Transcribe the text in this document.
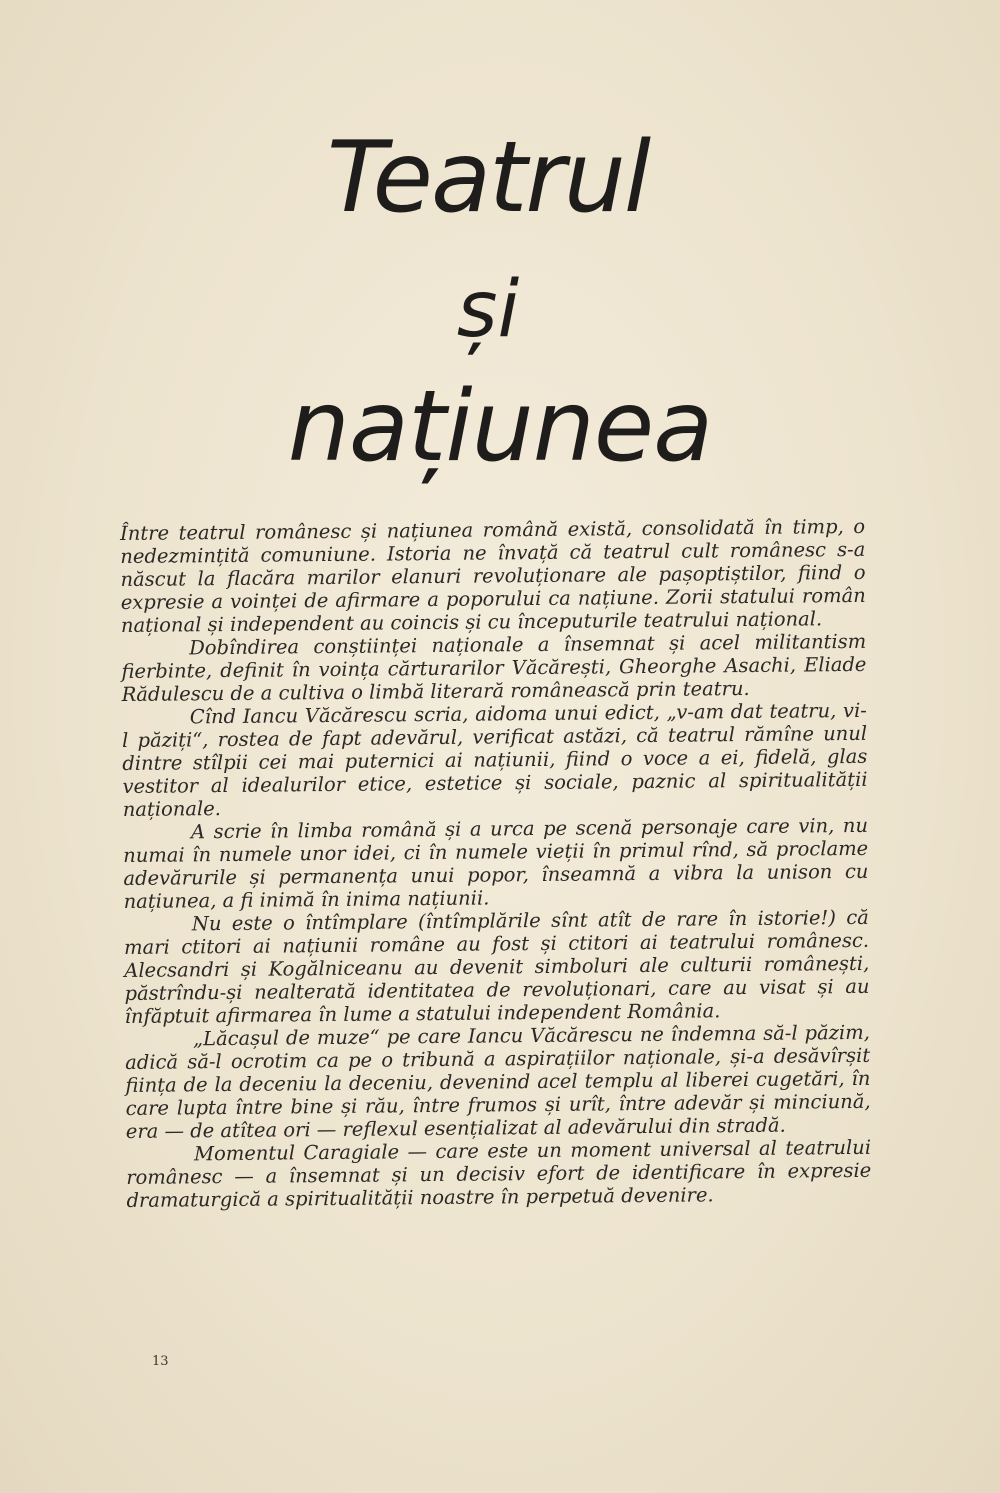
Teatrul
și
națiunea

Între teatrul românesc și națiunea română există, consolidată în timp, o nedezmințită comuniune. Istoria ne învață că teatrul cult românesc s-a născut la flacăra marilor elanuri revoluționare ale pașoptiștilor, fiind o expresie a voinței de afirmare a poporului ca națiune. Zorii statului român național și independent au coincis și cu începuturile teatrului național.

Dobîndirea conștiinței naționale a însemnat și acel militantism fierbinte, definit în voința cărturarilor Văcărești, Gheorghe Asachi, Eliade Rădulescu de a cultiva o limbă literară românească prin teatru.

Cînd Iancu Văcărescu scria, aidoma unui edict, „v-am dat teatru, vi-l păziți“, rostea de fapt adevărul, verificat astăzi, că teatrul rămîne unul dintre stîlpii cei mai puternici ai națiunii, fiind o voce a ei, fidelă, glas vestitor al idealurilor etice, estetice și sociale, paznic al spiritualității naționale.

A scrie în limba română și a urca pe scenă personaje care vin, nu numai în numele unor idei, ci în numele vieții în primul rînd, să proclame adevărurile și permanența unui popor, înseamnă a vibra la unison cu națiunea, a fi inimă în inima națiunii.

Nu este o întîmplare (întîmplările sînt atît de rare în istorie!) că mari ctitori ai națiunii române au fost și ctitori ai teatrului românesc. Alecsandri și Kogălniceanu au devenit simboluri ale culturii românești, păstrîndu-și nealterată identitatea de revoluționari, care au visat și au înfăptuit afirmarea în lume a statului independent România.

„Lăcașul de muze“ pe care Iancu Văcărescu ne îndemna să-l păzim, adică să-l ocrotim ca pe o tribună a aspirațiilor naționale, și-a desăvîrșit ființa de la deceniu la deceniu, devenind acel templu al liberei cugetări, în care lupta între bine și rău, între frumos și urît, între adevăr și minciună, era — de atîtea ori — reflexul esențializat al adevărului din stradă.

Momentul Caragiale — care este un moment universal al teatrului românesc — a însemnat și un decisiv efort de identificare în expresie dramaturgică a spiritualității noastre în perpetuă devenire.

13
